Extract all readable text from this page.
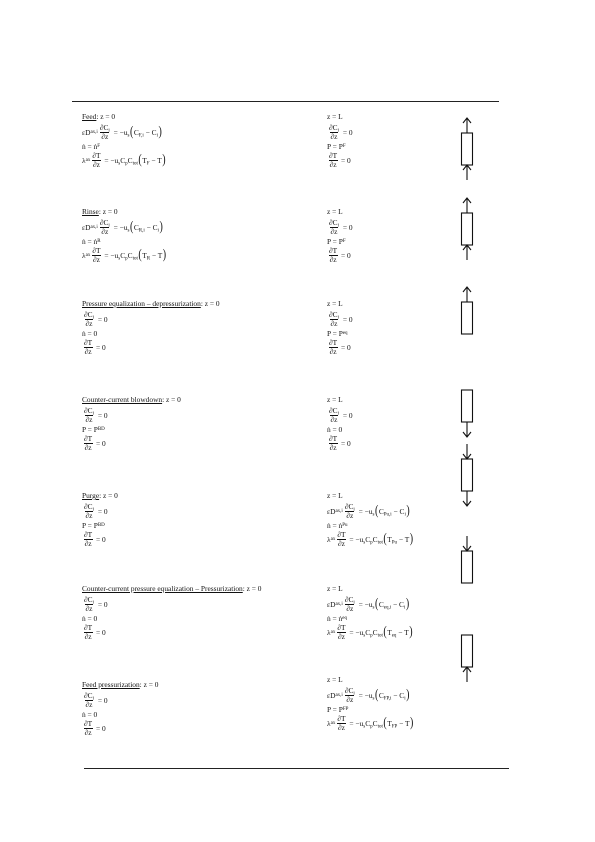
Feed: z = 0
εD $ax,i \frac{\partial C_i}{\partial z} = -u_s$ ( $C_{F,i} - C_i$ )
ṅ = ṅ F
λ ax $\frac{\partial T}{\partial z} = -u_sC_pC_{tot}$ ( $T_F - T$ )
z = L
$\frac{\partial C_i}{\partial z} = 0$
P = P F
$\frac{\partial T}{\partial z} = 0$
Rinse: z = 0
εD $ax,i \frac{\partial C_i}{\partial z} = -u_s$ ( $C_{R,i} - C_i$ )
ṅ = ṅ R
λ ax $\frac{\partial T}{\partial z} = -u_sC_pC_{tot}$ ( $T_R - T$ )
z = L
$\frac{\partial C_i}{\partial z} = 0$
P = P F
$\frac{\partial T}{\partial z} = 0$
Pressure equalization – depressurization: z = 0
$\frac{\partial C_i}{\partial z} = 0$
ṅ = 0
$\frac{\partial T}{\partial z} = 0$
z = L
$\frac{\partial C_i}{\partial z} = 0$
P = P eq
$\frac{\partial T}{\partial z} = 0$
Counter-current blowdown: z = 0
$\frac{\partial C_i}{\partial z} = 0$
P = P BD
$\frac{\partial T}{\partial z} = 0$
z = L
$\frac{\partial C_i}{\partial z} = 0$
ṅ = 0
$\frac{\partial T}{\partial z} = 0$
Purge: z = 0
$\frac{\partial C_i}{\partial z} = 0$
P = P BD
$\frac{\partial T}{\partial z} = 0$
z = L
εD $ax,i \frac{\partial C_i}{\partial z} = -u_s$ ( $C_{Pu,i} - C_i$ )
ṅ = ṅ Pu
λ ax $\frac{\partial T}{\partial z} = -u_sC_pC_{tot}$ ( $T_{Pu} - T$ )
Counter-current pressure equalization – Pressurization: z = 0
$\frac{\partial C_i}{\partial z} = 0$
ṅ = 0
$\frac{\partial T}{\partial z} = 0$
z = L
εD $ax,i \frac{\partial C_i}{\partial z} = -u_s$ ( $C_{eq,i} - C_i$ )
ṅ = ṅ eq
λ ax $\frac{\partial T}{\partial z} = -u_sC_pC_{tot}$ ( $T_{eq} - T$ )
Feed pressurization: z = 0
$\frac{\partial C_i}{\partial z} = 0$
ṅ = 0
$\frac{\partial T}{\partial z} = 0$
z = L
εD $ax,i \frac{\partial C_i}{\partial z} = -u_s$ ( $C_{FP,i} - C_i$ )
P = P FP
λ ax $\frac{\partial T}{\partial z} = -u_sC_pC_{tot}$ ( $T_{FP} - T$ )
